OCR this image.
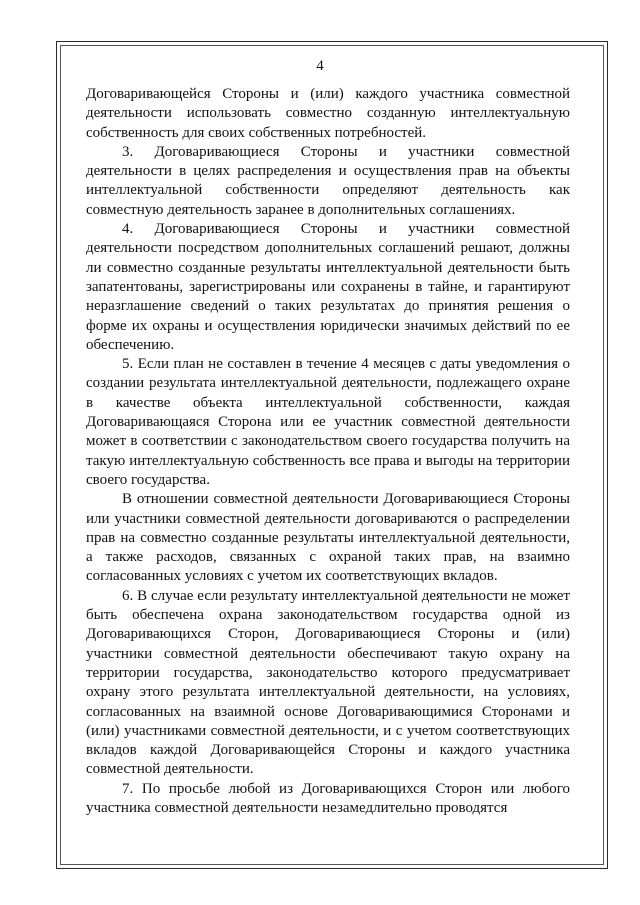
4

Договаривающейся Стороны и (или) каждого участника совместной деятельности использовать совместно созданную интеллектуальную собственность для своих собственных потребностей.

3. Договаривающиеся Стороны и участники совместной деятельности в целях распределения и осуществления прав на объекты интеллектуальной собственности определяют деятельность как совместную деятельность заранее в дополнительных соглашениях.

4. Договаривающиеся Стороны и участники совместной деятельности посредством дополнительных соглашений решают, должны ли совместно созданные результаты интеллектуальной деятельности быть запатентованы, зарегистрированы или сохранены в тайне, и гарантируют неразглашение сведений о таких результатах до принятия решения о форме их охраны и осуществления юридически значимых действий по ее обеспечению.

5. Если план не составлен в течение 4 месяцев с даты уведомления о создании результата интеллектуальной деятельности, подлежащего охране в качестве объекта интеллектуальной собственности, каждая Договаривающаяся Сторона или ее участник совместной деятельности может в соответствии с законодательством своего государства получить на такую интеллектуальную собственность все права и выгоды на территории своего государства.

В отношении совместной деятельности Договаривающиеся Стороны или участники совместной деятельности договариваются о распределении прав на совместно созданные результаты интеллектуальной деятельности, а также расходов, связанных с охраной таких прав, на взаимно согласованных условиях с учетом их соответствующих вкладов.

6. В случае если результату интеллектуальной деятельности не может быть обеспечена охрана законодательством государства одной из Договаривающихся Сторон, Договаривающиеся Стороны и (или) участники совместной деятельности обеспечивают такую охрану на территории государства, законодательство которого предусматривает охрану этого результата интеллектуальной деятельности, на условиях, согласованных на взаимной основе Договаривающимися Сторонами и (или) участниками совместной деятельности, и с учетом соответствующих вкладов каждой Договаривающейся Стороны и каждого участника совместной деятельности.

7. По просьбе любой из Договаривающихся Сторон или любого участника совместной деятельности незамедлительно проводятся
